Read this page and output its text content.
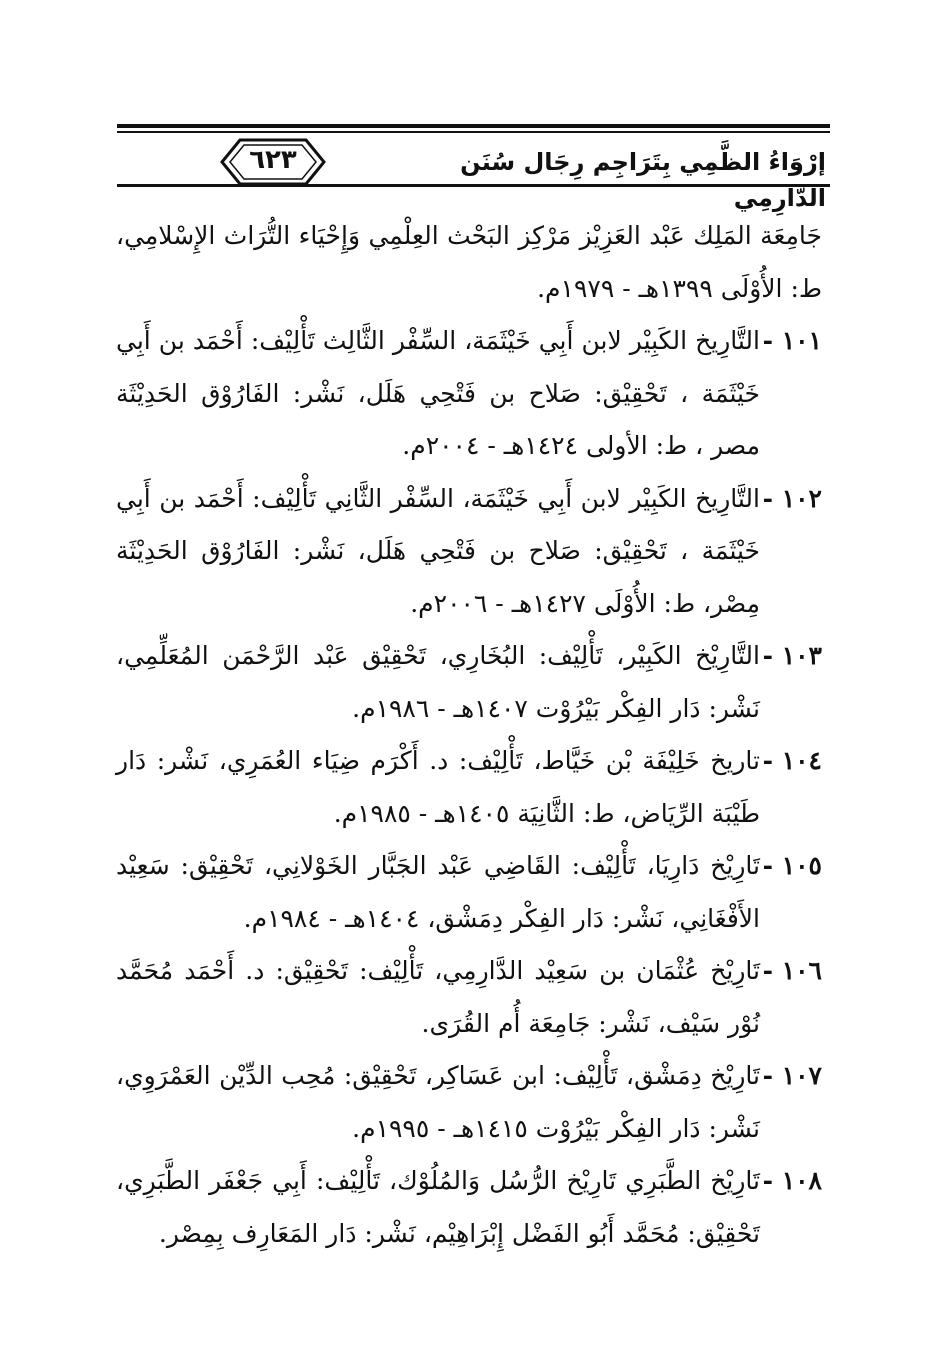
٦٢٣	إرْوَاءُ الظَّمِي بِتَرَاجِم رِجَال سُنَن الدَّارِمِي

جَامِعَة المَلِك عَبْد العَزِيْز مَرْكِز البَحْث العِلْمِي وَإِحْيَاء التُّرَاث الإِسْلامِي، ط: الأُوْلَى ١٣٩٩هـ - ١٩٧٩م.

١٠١ -
التَّارِيخ الكَبِيْر لابن أَبِي خَيْثَمَة، السِّفْر الثَّالِث تَأْلِيْف: أَحْمَد بن أَبِي خَيْثَمَة ، تَحْقِيْق: صَلاح بن فَتْحِي هَلَل، نَشْر: الفَارُوْق الحَدِيْثَة مصر ، ط: الأولى ١٤٢٤هـ - ٢٠٠٤م.

١٠٢ -
التَّارِيخ الكَبِيْر لابن أَبِي خَيْثَمَة، السِّفْر الثَّانِي تَأْلِيْف: أَحْمَد بن أَبِي خَيْثَمَة ، تَحْقِيْق: صَلاح بن فَتْحِي هَلَل، نَشْر: الفَارُوْق الحَدِيْثَة مِصْر، ط: الأُوْلَى ١٤٢٧هـ - ٢٠٠٦م.

١٠٣ -
التَّارِيْخ الكَبِيْر، تَأْلِيْف: البُخَارِي، تَحْقِيْق عَبْد الرَّحْمَن المُعَلِّمِي، نَشْر: دَار الفِكْر بَيْرُوْت ١٤٠٧هـ - ١٩٨٦م.

١٠٤ -
تاريخ خَلِيْفَة بْن خَيَّاط، تَأْلِيْف: د. أَكْرَم ضِيَاء العُمَرِي، نَشْر: دَار طَيْبَة الرِّيَاض، ط: الثَّانِيَة ١٤٠٥هـ - ١٩٨٥م.

١٠٥ -
تَارِيْخ دَارِيَا، تَأْلِيْف: القَاضِي عَبْد الجَبَّار الخَوْلانِي، تَحْقِيْق: سَعِيْد الأَفْغَانِي، نَشْر: دَار الفِكْر دِمَشْق، ١٤٠٤هـ - ١٩٨٤م.

١٠٦ -
تَارِيْخ عُثْمَان بن سَعِيْد الدَّارِمِي، تَأْلِيْف: تَحْقِيْق: د. أَحْمَد مُحَمَّد نُوْر سَيْف، نَشْر: جَامِعَة أُم القُرَى.

١٠٧ -
تَارِيْخ دِمَشْق، تَأْلِيْف: ابن عَسَاكِر، تَحْقِيْق: مُحِب الدِّيْن العَمْرَوِي، نَشْر: دَار الفِكْر بَيْرُوْت ١٤١٥هـ - ١٩٩٥م.

١٠٨ -
تَارِيْخ الطَّبَرِي تَارِيْخ الرُّسُل وَالمُلُوْك، تَأْلِيْف: أَبِي جَعْفَر الطَّبَرِي، تَحْقِيْق: مُحَمَّد أَبُو الفَضْل إِبْرَاهِيْم، نَشْر: دَار المَعَارِف بِمِصْر.
